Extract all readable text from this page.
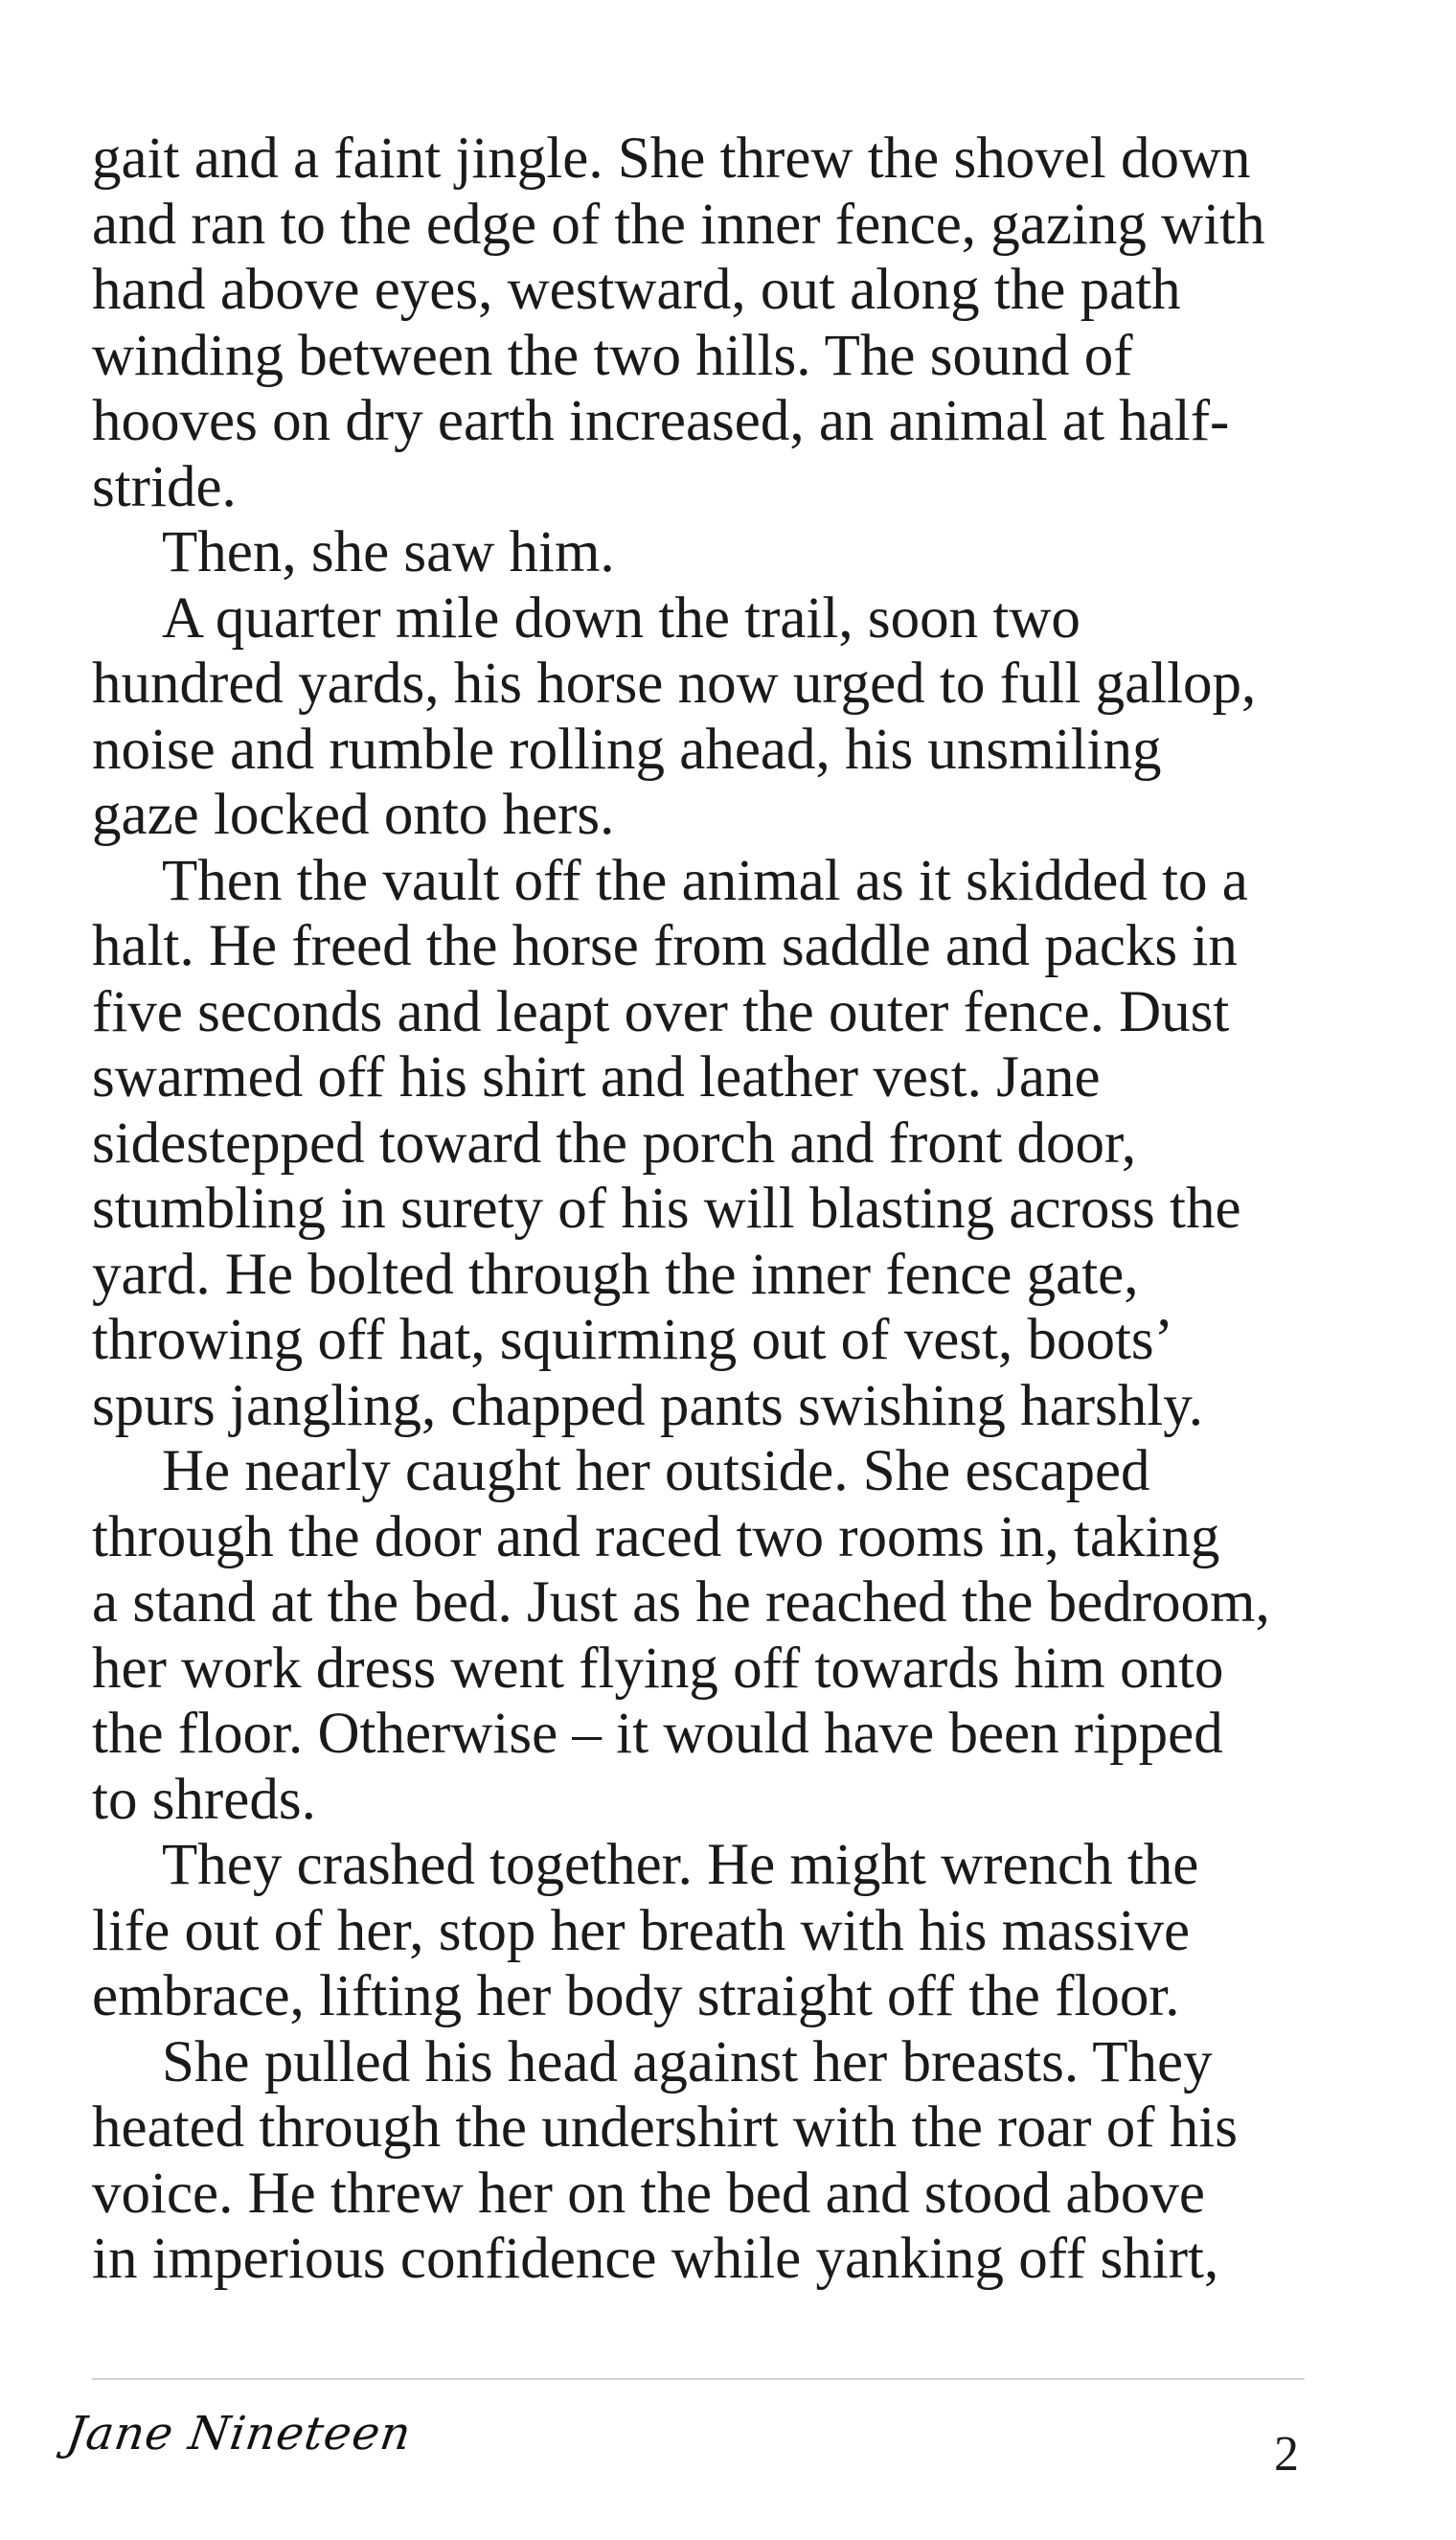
gait and a faint jingle. She threw the shovel down

and ran to the edge of the inner fence, gazing with

hand above eyes, westward, out along the path

winding between the two hills. The sound of

hooves on dry earth increased, an animal at half-

stride.

Then, she saw him.

A quarter mile down the trail, soon two

hundred yards, his horse now urged to full gallop,

noise and rumble rolling ahead, his unsmiling

gaze locked onto hers.

Then the vault off the animal as it skidded to a

halt. He freed the horse from saddle and packs in

five seconds and leapt over the outer fence. Dust

swarmed off his shirt and leather vest. Jane

sidestepped toward the porch and front door,

stumbling in surety of his will blasting across the

yard. He bolted through the inner fence gate,

throwing off hat, squirming out of vest, boots’

spurs jangling, chapped pants swishing harshly.

He nearly caught her outside. She escaped

through the door and raced two rooms in, taking

a stand at the bed. Just as he reached the bedroom,

her work dress went flying off towards him onto

the floor. Otherwise – it would have been ripped

to shreds.

They crashed together. He might wrench the

life out of her, stop her breath with his massive

embrace, lifting her body straight off the floor.

She pulled his head against her breasts. They

heated through the undershirt with the roar of his

voice. He threw her on the bed and stood above

in imperious confidence while yanking off shirt,

Jane Nineteen	2
